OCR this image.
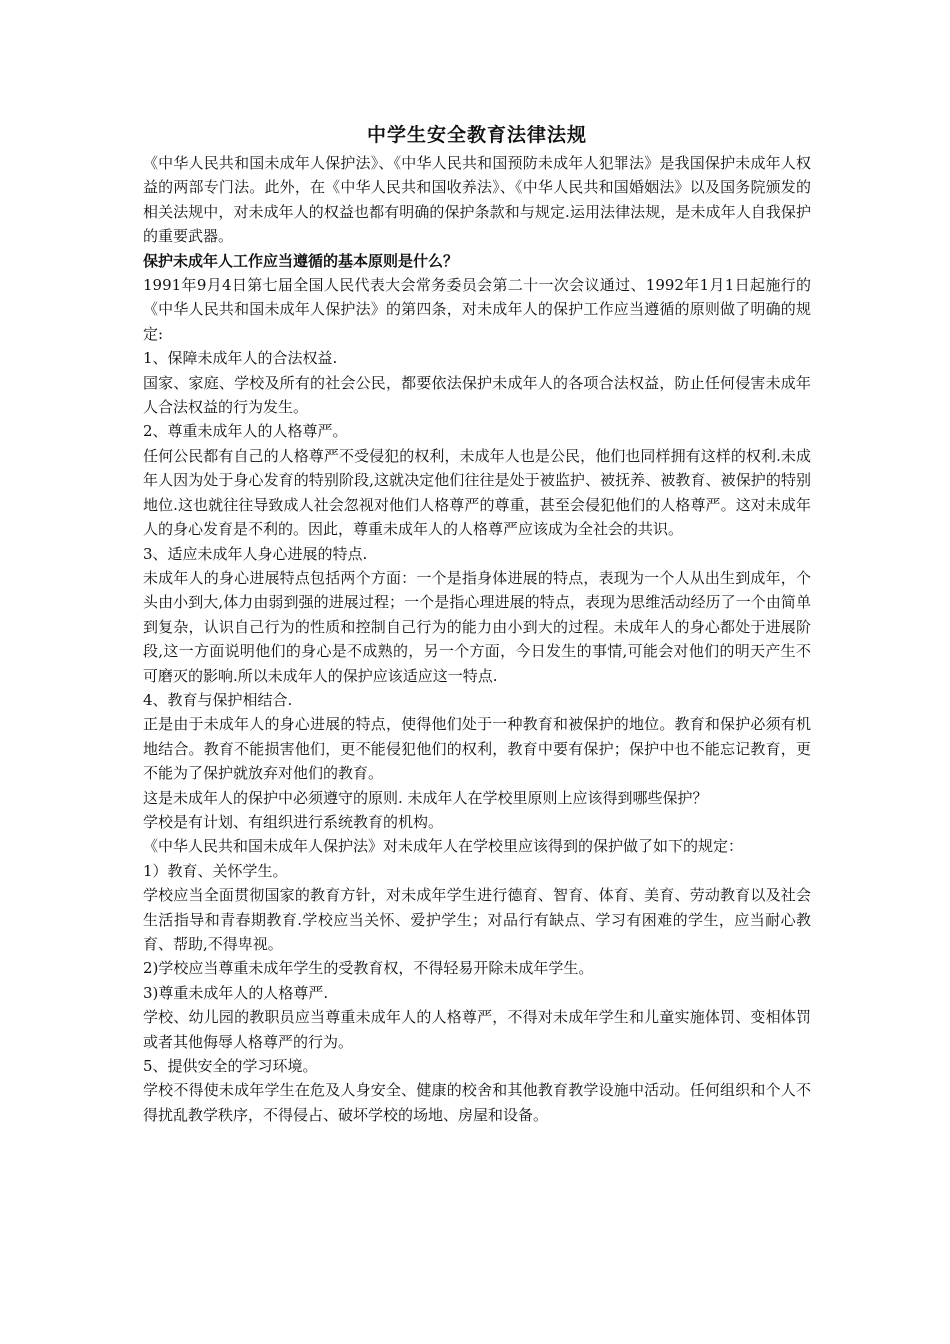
中学生安全教育法律法规

《中华人民共和国未成年人保护法》、《中华人民共和国预防未成年人犯罪法》是我国保护未成年人权益的两部专门法。此外，在《中华人民共和国收养法》、《中华人民共和国婚姻法》以及国务院颁发的相关法规中，对未成年人的权益也都有明确的保护条款和与规定.运用法律法规，是未成年人自我保护的重要武器。

保护未成年人工作应当遵循的基本原则是什么？

1991年9月4日第七届全国人民代表大会常务委员会第二十一次会议通过、1992年1月1日起施行的《中华人民共和国未成年人保护法》的第四条，对未成年人的保护工作应当遵循的原则做了明确的规定:

1、保障未成年人的合法权益.

国家、家庭、学校及所有的社会公民，都要依法保护未成年人的各项合法权益，防止任何侵害未成年人合法权益的行为发生。

2、尊重未成年人的人格尊严。

任何公民都有自己的人格尊严不受侵犯的权利，未成年人也是公民，他们也同样拥有这样的权利.未成年人因为处于身心发育的特别阶段,这就决定他们往往是处于被监护、被抚养、被教育、被保护的特别地位.这也就往往导致成人社会忽视对他们人格尊严的尊重，甚至会侵犯他们的人格尊严。这对未成年人的身心发育是不利的。因此，尊重未成年人的人格尊严应该成为全社会的共识。

3、适应未成年人身心进展的特点.

未成年人的身心进展特点包括两个方面：一个是指身体进展的特点，表现为一个人从出生到成年，个头由小到大,体力由弱到强的进展过程；一个是指心理进展的特点，表现为思维活动经历了一个由简单到复杂，认识自己行为的性质和控制自己行为的能力由小到大的过程。未成年人的身心都处于进展阶段,这一方面说明他们的身心是不成熟的，另一个方面，今日发生的事情,可能会对他们的明天产生不可磨灭的影响.所以未成年人的保护应该适应这一特点.

4、教育与保护相结合.

正是由于未成年人的身心进展的特点，使得他们处于一种教育和被保护的地位。教育和保护必须有机地结合。教育不能损害他们，更不能侵犯他们的权利，教育中要有保护；保护中也不能忘记教育，更不能为了保护就放弃对他们的教育。

这是未成年人的保护中必须遵守的原则. 未成年人在学校里原则上应该得到哪些保护？

学校是有计划、有组织进行系统教育的机构。

《中华人民共和国未成年人保护法》对未成年人在学校里应该得到的保护做了如下的规定：

1）教育、关怀学生。

学校应当全面贯彻国家的教育方针，对未成年学生进行德育、智育、体育、美育、劳动教育以及社会生活指导和青春期教育.学校应当关怀、爱护学生；对品行有缺点、学习有困难的学生，应当耐心教育、帮助,不得卑视。

2)学校应当尊重未成年学生的受教育权，不得轻易开除未成年学生。

3)尊重未成年人的人格尊严.

学校、幼儿园的教职员应当尊重未成年人的人格尊严，不得对未成年学生和儿童实施体罚、变相体罚或者其他侮辱人格尊严的行为。

5、提供安全的学习环境。

学校不得使未成年学生在危及人身安全、健康的校舍和其他教育教学设施中活动。任何组织和个人不得扰乱教学秩序，不得侵占、破坏学校的场地、房屋和设备。
